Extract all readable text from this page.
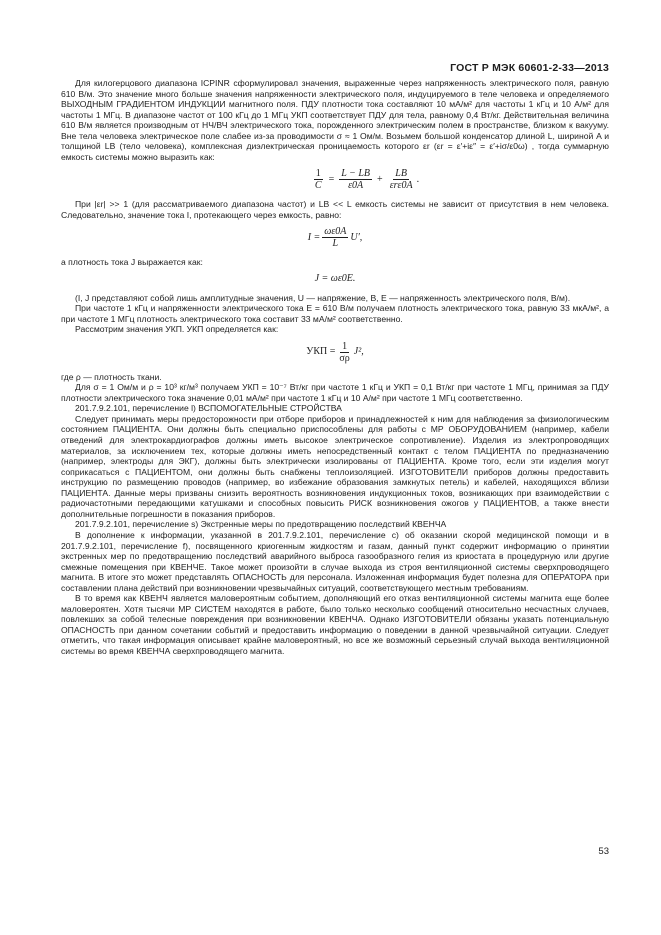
ГОСТ Р МЭК 60601-2-33—2013

Для килогерцового диапазона ICPINR сформулировал значения, выраженные через напряженность электрического поля, равную 610 В/м. Это значение много больше значения напряженности электрического поля, индуцируемого в теле человека и определяемого ВЫХОДНЫМ ГРАДИЕНТОМ ИНДУКЦИИ магнитного поля. ПДУ плотности тока составляют 10 мА/м² для частоты 1 кГц и 10 А/м² для частоты 1 МГц. В диапазоне частот от 100 кГц до 1 МГц УКП соответствует ПДУ для тела, равному 0,4 Вт/кг. Действительная величина 610 В/м является производным от НЧ/ВЧ электрического тока, порожденного электрическим полем в пространстве, близком к вакууму. Вне тела человека электрическое поле слабее из-за проводимости σ ≈ 1 Ом/м. Возьмем большой конденсатор длиной L, шириной A и толщиной LB (тело человека), комплексная диэлектрическая проницаемость которого εr (εr = ε′+iε″ = ε′+iσ/ε0ω) , тогда суммарную емкость системы можно выразить как:

$\frac{1}{C} = \frac{L - LB}{\varepsilon 0A} + \frac{LB}{\text{εrε0A}}$ .

При |εr| >> 1 (для рассматриваемого диапазона частот) и LB << L емкость системы не зависит от присутствия в нем человека. Следовательно, значение тока I, протекающего через емкость, равно:

$I = \frac{\omega\varepsilon 0A}{L} U'$,

а плотность тока J выражается как:

J = ωε0E.

(I, J представляют собой лишь амплитудные значения, U — напряжение, В, E — напряженность электрического поля, В/м).

При частоте 1 кГц и напряженности электрического тока E = 610 В/м получаем плотность электрического тока, равную 33 мкА/м², а при частоте 1 МГц плотность электрического тока составит 33 мА/м² соответственно.

Рассмотрим значения УКП. УКП определяется как:

УКП = $\frac{1}{\sigma\rho} J^2$,

где ρ — плотность ткани.

Для σ = 1 Ом/м и ρ = 10³ кг/м³ получаем УКП = 10⁻⁷ Вт/кг при частоте 1 кГц и УКП = 0,1 Вт/кг при частоте 1 МГц, принимая за ПДУ плотности электрического тока значение 0,01 мА/м² при частоте 1 кГц и 10 А/м² при частоте 1 МГц соответственно.

201.7.9.2.101, перечисление l) ВСПОМОГАТЕЛЬНЫЕ СТРОЙСТВА

Следует принимать меры предосторожности при отборе приборов и принадлежностей к ним для наблюдения за физиологическим состоянием ПАЦИЕНТА. Они должны быть специально приспособлены для работы с МР ОБОРУДОВАНИЕМ (например, кабели отведений для электрокардиографов должны иметь высокое электрическое сопротивление). Изделия из электропроводящих материалов, за исключением тех, которые должны иметь непосредственный контакт с телом ПАЦИЕНТА по предназначению (например, электроды для ЭКГ), должны быть электрически изолированы от ПАЦИЕНТА. Кроме того, если эти изделия могут соприкасаться с ПАЦИЕНТОМ, они должны быть снабжены теплоизоляцией. ИЗГОТОВИТЕЛИ приборов должны предоставить инструкцию по размещению проводов (например, во избежание образования замкнутых петель) и кабелей, находящихся вблизи ПАЦИЕНТА. Данные меры призваны снизить вероятность возникновения индукционных токов, возникающих при взаимодействии с радиочастотными передающими катушками и способных повысить РИСК возникновения ожогов у ПАЦИЕНТОВ, а также внести дополнительные погрешности в показания приборов.

201.7.9.2.101, перечисление s) Экстренные меры по предотвращению последствий КВЕНЧА

В дополнение к информации, указанной в 201.7.9.2.101, перечисление c) об оказании скорой медицинской помощи и в 201.7.9.2.101, перечисление f), посвященного криогенным жидкостям и газам, данный пункт содержит информацию о принятии экстренных мер по предотвращению последствий аварийного выброса газообразного гелия из криостата в процедурную или другие смежные помещения при КВЕНЧЕ. Такое может произойти в случае выхода из строя вентиляционной системы сверхпроводящего магнита. В итоге это может представлять ОПАСНОСТЬ для персонала. Изложенная информация будет полезна для ОПЕРАТОРА при составлении плана действий при возникновении чрезвычайных ситуаций, соответствующего местным требованиям.

В то время как КВЕНЧ является маловероятным событием, дополняющий его отказ вентиляционной системы магнита еще более маловероятен. Хотя тысячи МР СИСТЕМ находятся в работе, было только несколько сообщений относительно несчастных случаев, повлекших за собой телесные повреждения при возникновении КВЕНЧА. Однако ИЗГОТОВИТЕЛИ обязаны указать потенциальную ОПАСНОСТЬ при данном сочетании событий и предоставить информацию о поведении в данной чрезвычайной ситуации. Следует отметить, что такая информация описывает крайне маловероятный, но все же возможный серьезный случай выхода вентиляционной системы во время КВЕНЧА сверхпроводящего магнита.

53
